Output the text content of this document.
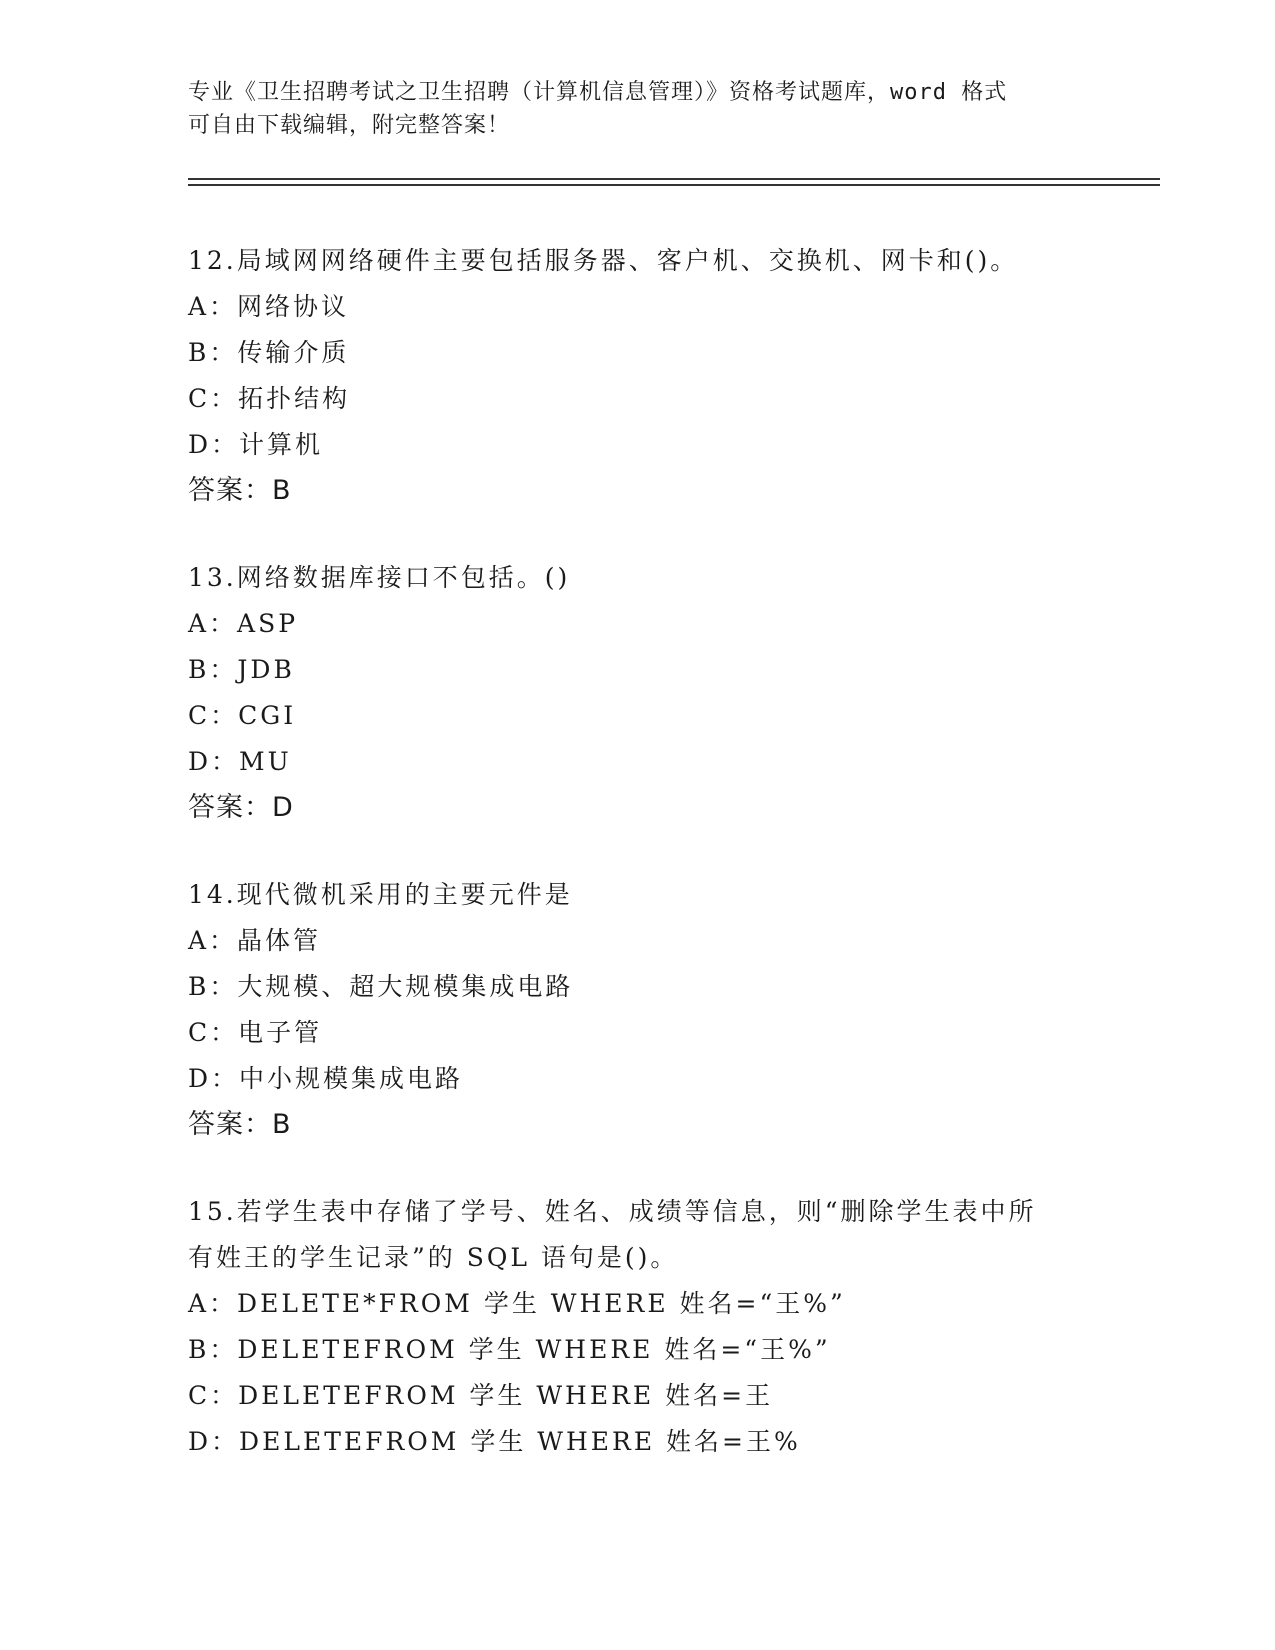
专业《卫生招聘考试之卫生招聘（计算机信息管理）》资格考试题库，word 格式
可自由下载编辑，附完整答案！
12.局域网网络硬件主要包括服务器、客户机、交换机、网卡和()。
A：网络协议
B：传输介质
C：拓扑结构
D：计算机
答案：B
13.网络数据库接口不包括。()
A：ASP
B：JDB
C：CGI
D：MU
答案：D
14.现代微机采用的主要元件是
A：晶体管
B：大规模、超大规模集成电路
C：电子管
D：中小规模集成电路
答案：B
15.若学生表中存储了学号、姓名、成绩等信息，则“删除学生表中所
有姓王的学生记录”的 SQL 语句是()。
A：DELETE*FROM 学生 WHERE 姓名=“王%”
B：DELETEFROM 学生 WHERE 姓名=“王%”
C：DELETEFROM 学生 WHERE 姓名=王
D：DELETEFROM 学生 WHERE 姓名=王%
